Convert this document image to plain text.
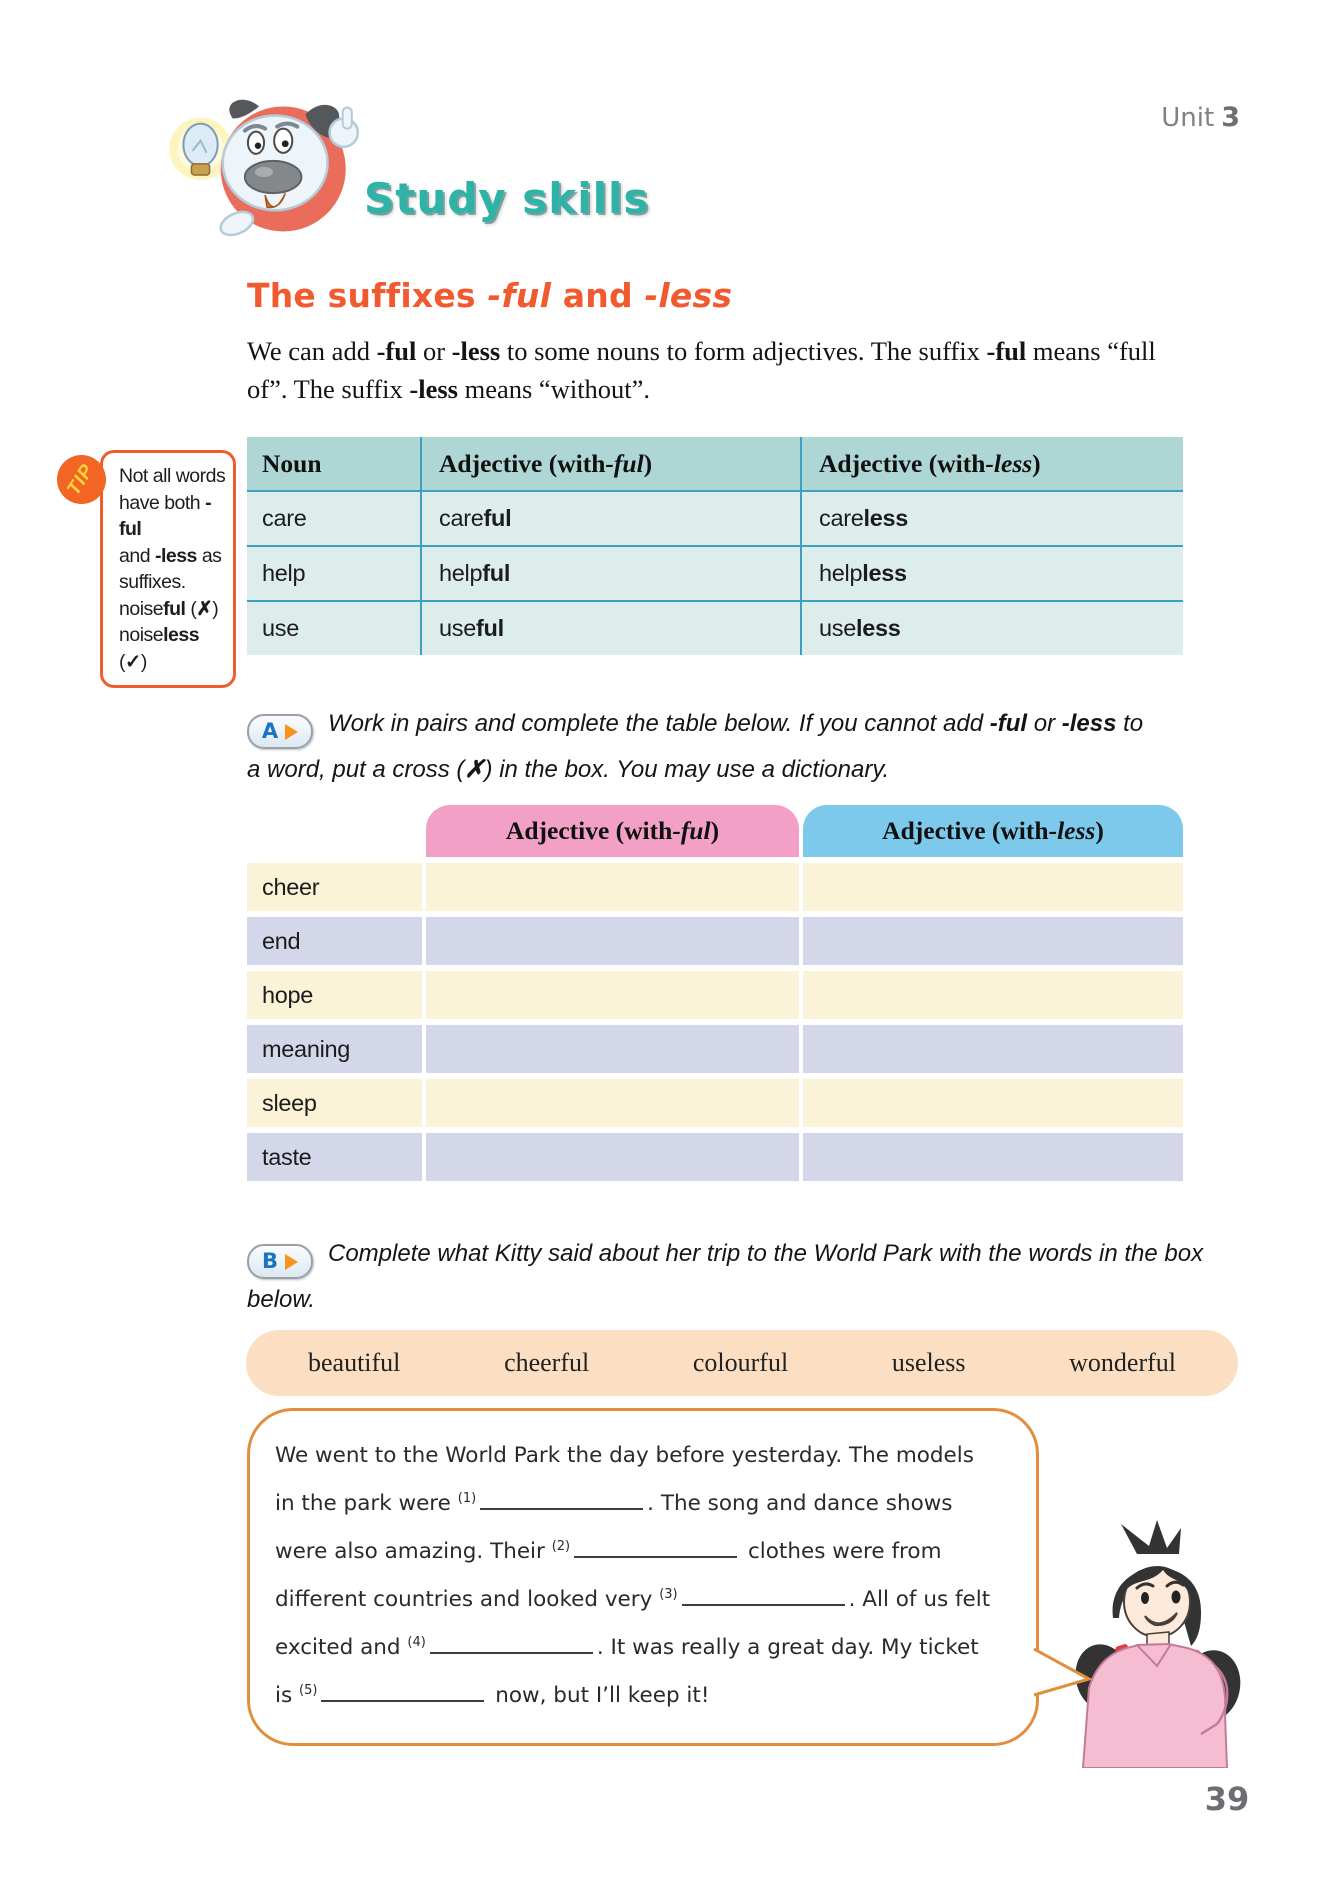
Unit 3
Study skills
The suffixes -ful and -less
We can add -ful or -less to some nouns to form adjectives. The suffix -ful means “full of”. The suffix -less means “without”.
TIP	Not all words
have both -ful
and -less as
suffixes.
noiseful (✗)
noiseless (✓)
Noun	Adjective (with -ful )	Adjective (with -less )
care	care ful	care less
help	help ful	help less
use	use ful	use less
A Work in pairs and complete the table below. If you cannot add -ful or -less to a word, put a cross (✗) in the box. You may use a dictionary.
Adjective (with -ful )	Adjective (with -less )
cheer
end
hope
meaning
sleep
taste
B Complete what Kitty said about her trip to the World Park with the words in the box below.
beautiful	cheerful	colourful	useless	wonderful
We went to the World Park the day before yesterday. The models
in the park were $^{(1)}$	. The song and dance shows
were also amazing. Their $^{(2)}$	clothes were from
different countries and looked very $^{(3)}$	. All of us felt
excited and $^{(4)}$	. It was really a great day. My ticket
is $^{(5)}$	now, but I’ll keep it!
39
